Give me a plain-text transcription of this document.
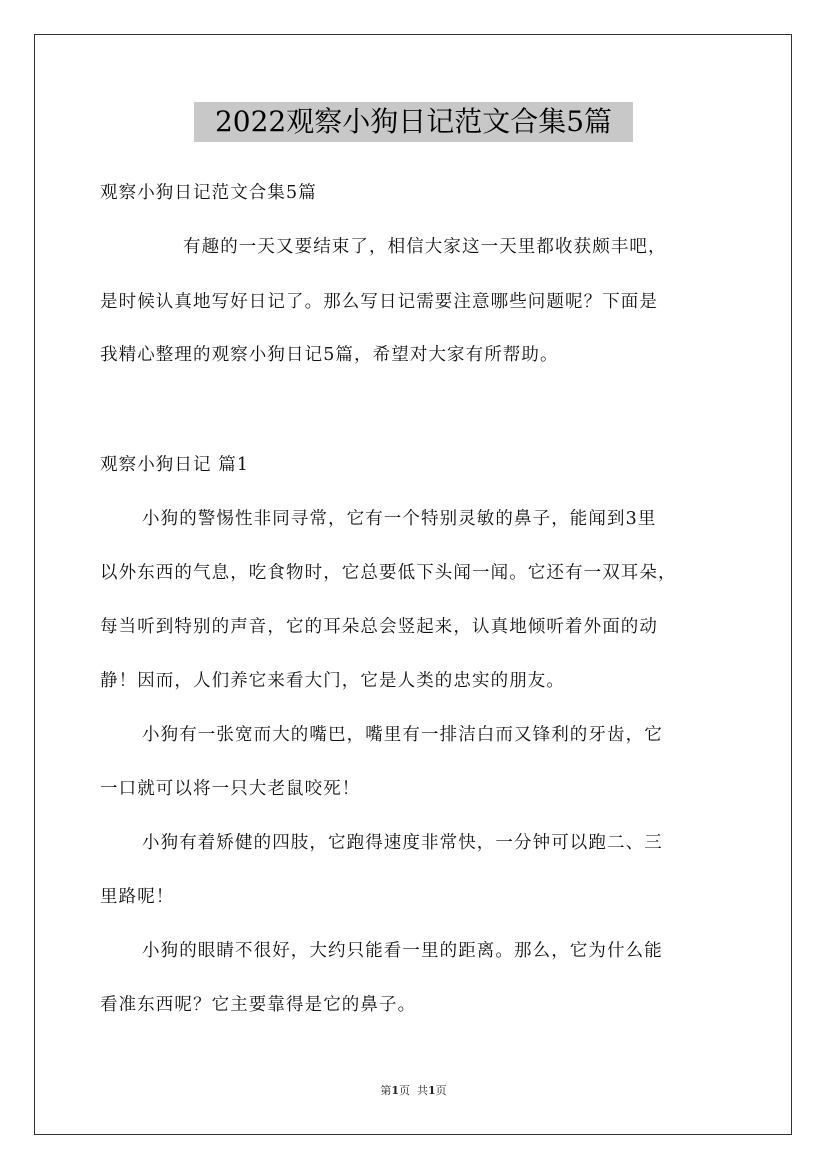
2022观察小狗日记范文合集5篇
观察小狗日记范文合集5篇
有趣的一天又要结束了，相信大家这一天里都收获颇丰吧，
是时候认真地写好日记了。那么写日记需要注意哪些问题呢？下面是
我精心整理的观察小狗日记5篇，希望对大家有所帮助。
观察小狗日记 篇1
小狗的警惕性非同寻常，它有一个特别灵敏的鼻子，能闻到3里
以外东西的气息，吃食物时，它总要低下头闻一闻。它还有一双耳朵，
每当听到特别的声音，它的耳朵总会竖起来，认真地倾听着外面的动
静！因而，人们养它来看大门，它是人类的忠实的朋友。
小狗有一张宽而大的嘴巴，嘴里有一排洁白而又锋利的牙齿，它
一口就可以将一只大老鼠咬死！
小狗有着矫健的四肢，它跑得速度非常快，一分钟可以跑二、三
里路呢！
小狗的眼睛不很好，大约只能看一里的距离。那么，它为什么能
看准东西呢？它主要靠得是它的鼻子。
第1页 共1页
